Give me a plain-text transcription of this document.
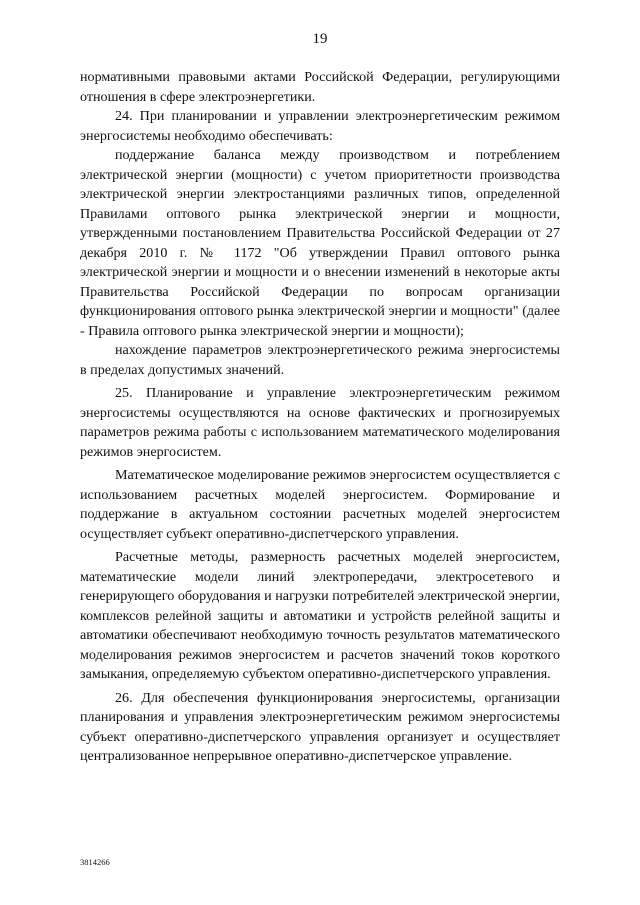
19

нормативными правовыми актами Российской Федерации, регулирующими отношения в сфере электроэнергетики.

24. При планировании и управлении электроэнергетическим режимом энергосистемы необходимо обеспечивать:

поддержание баланса между производством и потреблением электрической энергии (мощности) с учетом приоритетности производства электрической энергии электростанциями различных типов, определенной Правилами оптового рынка электрической энергии и мощности, утвержденными постановлением Правительства Российской Федерации от 27 декабря 2010 г. № 1172 "Об утверждении Правил оптового рынка электрической энергии и мощности и о внесении изменений в некоторые акты Правительства Российской Федерации по вопросам организации функционирования оптового рынка электрической энергии и мощности" (далее - Правила оптового рынка электрической энергии и мощности);

нахождение параметров электроэнергетического режима энергосистемы в пределах допустимых значений.

25. Планирование и управление электроэнергетическим режимом энергосистемы осуществляются на основе фактических и прогнозируемых параметров режима работы с использованием математического моделирования режимов энергосистем.

Математическое моделирование режимов энергосистем осуществляется с использованием расчетных моделей энергосистем. Формирование и поддержание в актуальном состоянии расчетных моделей энергосистем осуществляет субъект оперативно-диспетчерского управления.

Расчетные методы, размерность расчетных моделей энергосистем, математические модели линий электропередачи, электросетевого и генерирующего оборудования и нагрузки потребителей электрической энергии, комплексов релейной защиты и автоматики и устройств релейной защиты и автоматики обеспечивают необходимую точность результатов математического моделирования режимов энергосистем и расчетов значений токов короткого замыкания, определяемую субъектом оперативно-диспетчерского управления.

26. Для обеспечения функционирования энергосистемы, организации планирования и управления электроэнергетическим режимом энергосистемы субъект оперативно-диспетчерского управления организует и осуществляет централизованное непрерывное оперативно-диспетчерское управление.

3814266
